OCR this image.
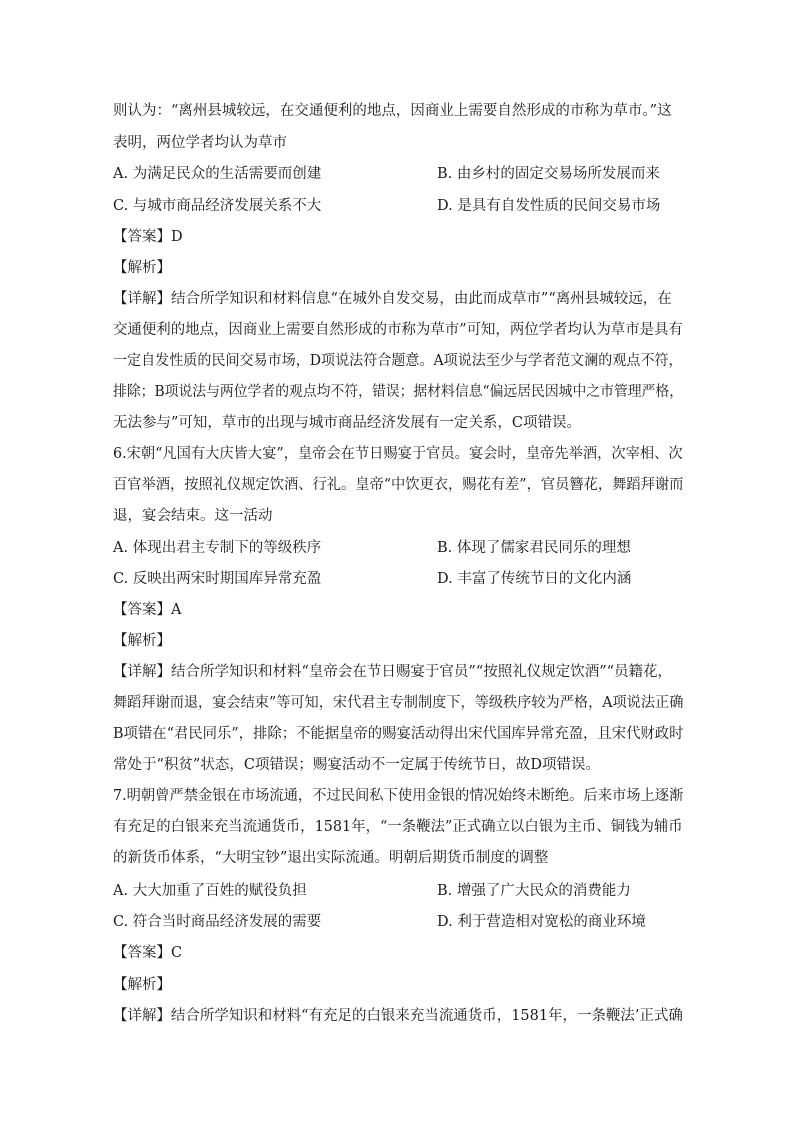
则认为：“离州县城较远，在交通便利的地点，因商业上需要自然形成的市称为草市。”这
表明，两位学者均认为草市
A. 为满足民众的生活需要而创建	B. 由乡村的固定交易场所发展而来
C. 与城市商品经济发展关系不大	D. 是具有自发性质的民间交易市场
【答案】D
【解析】
【详解】结合所学知识和材料信息“在城外自发交易，由此而成草市”“离州县城较远，在
交通便利的地点，因商业上需要自然形成的市称为草市”可知，两位学者均认为草市是具有
一定自发性质的民间交易市场，D项说法符合题意。A项说法至少与学者范文澜的观点不符，
排除；B项说法与两位学者的观点均不符，错误；据材料信息“偏远居民因城中之市管理严格，
无法参与”可知，草市的出现与城市商品经济发展有一定关系，C项错误。
6.宋朝“凡国有大庆皆大宴”，皇帝会在节日赐宴于官员。宴会时，皇帝先举酒，次宰相、次
百官举酒，按照礼仪规定饮酒、行礼。皇帝“中饮更衣，赐花有差”，官员簪花，舞蹈拜谢而
退，宴会结束。这一活动
A. 体现出君主专制下的等级秩序	B. 体现了儒家君民同乐的理想
C. 反映出两宋时期国库异常充盈	D. 丰富了传统节日的文化内涵
【答案】A
【解析】
【详解】结合所学知识和材料“皇帝会在节日赐宴于官员”“按照礼仪规定饮酒”“员籍花，
舞蹈拜谢而退，宴会结束”等可知，宋代君主专制制度下，等级秩序较为严格，A项说法正确
B项错在“君民同乐”，排除；不能据皇帝的赐宴活动得出宋代国库异常充盈，且宋代财政时
常处于“积贫”状态，C项错误；赐宴活动不一定属于传统节日，故D项错误。
7.明朝曾严禁金银在市场流通，不过民间私下使用金银的情况始终未断绝。后来市场上逐渐
有充足的白银来充当流通货币，1581年，“一条鞭法”正式确立以白银为主币、铜钱为辅币
的新货币体系，“大明宝钞”退出实际流通。明朝后期货币制度的调整
A. 大大加重了百姓的赋役负担	B. 增强了广大民众的消费能力
C. 符合当时商品经济发展的需要	D. 利于营造相对宽松的商业环境
【答案】C
【解析】
【详解】结合所学知识和材料“有充足的白银来充当流通货币，1581年，一条鞭法’正式确
